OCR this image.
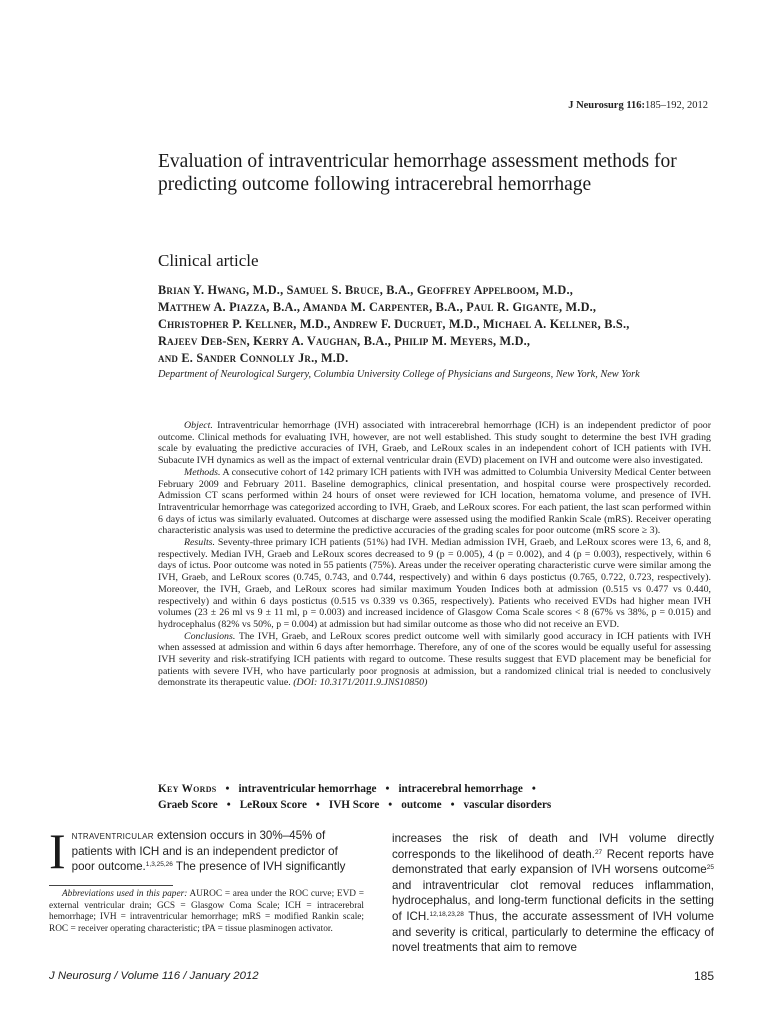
J Neurosurg 116:185–192, 2012
Evaluation of intraventricular hemorrhage assessment methods for predicting outcome following intracerebral hemorrhage
Clinical article
Brian Y. Hwang, M.D., Samuel S. Bruce, B.A., Geoffrey Appelboom, M.D.,
Matthew A. Piazza, B.A., Amanda M. Carpenter, B.A., Paul R. Gigante, M.D.,
Christopher P. Kellner, M.D., Andrew F. Ducruet, M.D., Michael A. Kellner, B.S.,
Rajeev Deb-Sen, Kerry A. Vaughan, B.A., Philip M. Meyers, M.D.,
and E. Sander Connolly Jr., M.D.
Department of Neurological Surgery, Columbia University College of Physicians and Surgeons, New York, New York

Object. Intraventricular hemorrhage (IVH) associated with intracerebral hemorrhage (ICH) is an independent predictor of poor outcome. Clinical methods for evaluating IVH, however, are not well established. This study sought to determine the best IVH grading scale by evaluating the predictive accuracies of IVH, Graeb, and LeRoux scales in an independent cohort of ICH patients with IVH. Subacute IVH dynamics as well as the impact of external ventricular drain (EVD) placement on IVH and outcome were also investigated.

Methods. A consecutive cohort of 142 primary ICH patients with IVH was admitted to Columbia University Medical Center between February 2009 and February 2011. Baseline demographics, clinical presentation, and hospital course were prospectively recorded. Admission CT scans performed within 24 hours of onset were reviewed for ICH location, hematoma volume, and presence of IVH. Intraventricular hemorrhage was categorized according to IVH, Graeb, and LeRoux scores. For each patient, the last scan performed within 6 days of ictus was similarly evaluated. Outcomes at discharge were assessed using the modified Rankin Scale (mRS). Receiver operating characteristic analysis was used to determine the predictive accuracies of the grading scales for poor outcome (mRS score ≥ 3).

Results. Seventy-three primary ICH patients (51%) had IVH. Median admission IVH, Graeb, and LeRoux scores were 13, 6, and 8, respectively. Median IVH, Graeb and LeRoux scores decreased to 9 (p = 0.005), 4 (p = 0.002), and 4 (p = 0.003), respectively, within 6 days of ictus. Poor outcome was noted in 55 patients (75%). Areas under the receiver operating characteristic curve were similar among the IVH, Graeb, and LeRoux scores (0.745, 0.743, and 0.744, respectively) and within 6 days postictus (0.765, 0.722, 0.723, respectively). Moreover, the IVH, Graeb, and LeRoux scores had similar maximum Youden Indices both at admission (0.515 vs 0.477 vs 0.440, respectively) and within 6 days postictus (0.515 vs 0.339 vs 0.365, respectively). Patients who received EVDs had higher mean IVH volumes (23 ± 26 ml vs 9 ± 11 ml, p = 0.003) and increased incidence of Glasgow Coma Scale scores < 8 (67% vs 38%, p = 0.015) and hydrocephalus (82% vs 50%, p = 0.004) at admission but had similar outcome as those who did not receive an EVD.

Conclusions. The IVH, Graeb, and LeRoux scores predict outcome well with similarly good accuracy in ICH patients with IVH when assessed at admission and within 6 days after hemorrhage. Therefore, any of one of the scores would be equally useful for assessing IVH severity and risk-stratifying ICH patients with regard to outcome. These results suggest that EVD placement may be beneficial for patients with severe IVH, who have particularly poor prognosis at admission, but a randomized clinical trial is needed to conclusively demonstrate its therapeutic value. (DOI: 10.3171/2011.9.JNS10850)

Key Words • intraventricular hemorrhage • intracerebral hemorrhage •
Graeb Score • LeRoux Score • IVH Score • outcome • vascular disorders
Intraventricular extension occurs in 30%–45% of patients with ICH and is an independent predictor of poor outcome.$^{1,3,25,26}$ The presence of IVH significantly
Abbreviations used in this paper: AUROC = area under the ROC curve; EVD = external ventricular drain; GCS = Glasgow Coma Scale; ICH = intracerebral hemorrhage; IVH = intraventricular hemorrhage; mRS = modified Rankin scale; ROC = receiver operating characteristic; tPA = tissue plasminogen activator.
increases the risk of death and IVH volume directly corresponds to the likelihood of death.$^{27}$ Recent reports have demonstrated that early expansion of IVH worsens outcome$^{25}$ and intraventricular clot removal reduces inflammation, hydrocephalus, and long-term functional deficits in the setting of ICH.$^{12,18,23,28}$ Thus, the accurate assessment of IVH volume and severity is critical, particularly to determine the efficacy of novel treatments that aim to remove
J Neurosurg / Volume 116 / January 2012	185
